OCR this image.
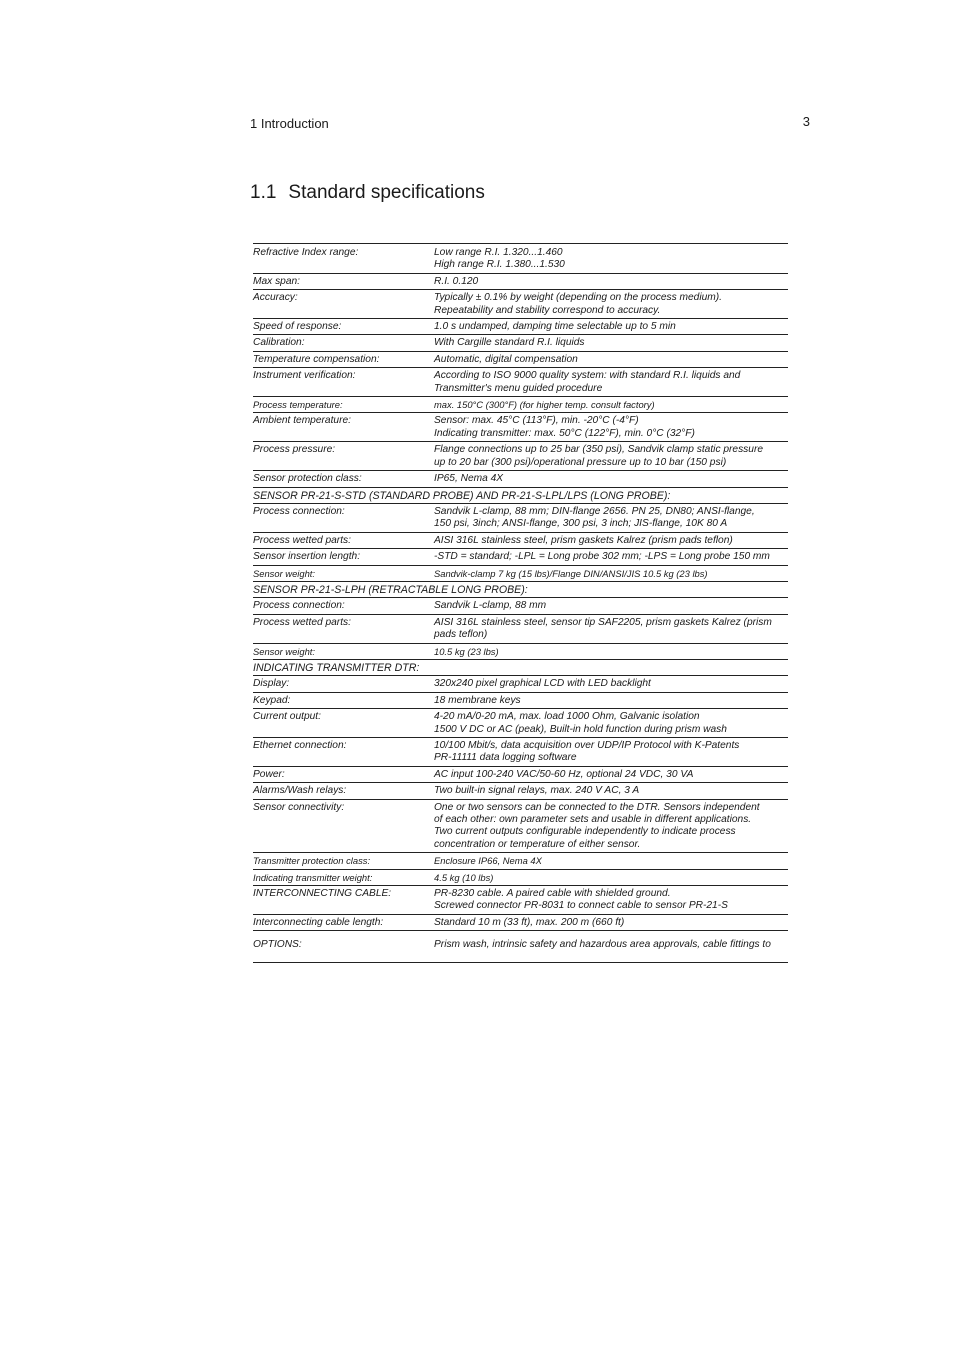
1 Introduction	3
1.1 Standard specifications
Refractive Index range:	Low range R.I. 1.320...1.460
High range R.I. 1.380...1.530

Max span:	R.I. 0.120

Accuracy:	Typically ± 0.1% by weight (depending on the process medium).
Repeatability and stability correspond to accuracy.

Speed of response:	1.0 s undamped, damping time selectable up to 5 min

Calibration:	With Cargille standard R.I. liquids

Temperature compensation:	Automatic, digital compensation

Instrument verification:	According to ISO 9000 quality system: with standard R.I. liquids and
Transmitter's menu guided procedure

Process temperature:	max. 150°C (300°F) (for higher temp. consult factory)

Ambient temperature:	Sensor: max. 45°C (113°F), min. -20°C (-4°F)
Indicating transmitter: max. 50°C (122°F), min. 0°C (32°F)

Process pressure:	Flange connections up to 25 bar (350 psi), Sandvik clamp static pressure
up to 20 bar (300 psi)/operational pressure up to 10 bar (150 psi)

Sensor protection class:	IP65, Nema 4X

SENSOR PR-21-S-STD (STANDARD PROBE) AND PR-21-S-LPL/LPS (LONG PROBE):	
Process connection:	Sandvik L-clamp, 88 mm; DIN-flange 2656. PN 25, DN80; ANSI-flange,
150 psi, 3inch; ANSI-flange, 300 psi, 3 inch; JIS-flange, 10K 80 A

Process wetted parts:	AISI 316L stainless steel, prism gaskets Kalrez (prism pads teflon)

Sensor insertion length:	-STD = standard; -LPL = Long probe 302 mm; -LPS = Long probe 150 mm

Sensor weight:	Sandvik-clamp 7 kg (15 lbs)/Flange DIN/ANSI/JIS 10.5 kg (23 lbs)

SENSOR PR-21-S-LPH (RETRACTABLE LONG PROBE):	
Process connection:	Sandvik L-clamp, 88 mm

Process wetted parts:	AISI 316L stainless steel, sensor tip SAF2205, prism gaskets Kalrez (prism
pads teflon)

Sensor weight:	10.5 kg (23 lbs)

INDICATING TRANSMITTER DTR:	
Display:	320x240 pixel graphical LCD with LED backlight

Keypad:	18 membrane keys

Current output:	4-20 mA/0-20 mA, max. load 1000 Ohm, Galvanic isolation
1500 V DC or AC (peak), Built-in hold function during prism wash

Ethernet connection:	10/100 Mbit/s, data acquisition over UDP/IP Protocol with K-Patents
PR-11111 data logging software

Power:	AC input 100-240 VAC/50-60 Hz, optional 24 VDC, 30 VA

Alarms/Wash relays:	Two built-in signal relays, max. 240 V AC, 3 A

Sensor connectivity:	One or two sensors can be connected to the DTR. Sensors independent
of each other: own parameter sets and usable in different applications.
Two current outputs configurable independently to indicate process
concentration or temperature of either sensor.

Transmitter protection class:	Enclosure IP66, Nema 4X

Indicating transmitter weight:	4.5 kg (10 lbs)

INTERCONNECTING CABLE:	PR-8230 cable. A paired cable with shielded ground.
Screwed connector PR-8031 to connect cable to sensor PR-21-S

Interconnecting cable length:	Standard 10 m (33 ft), max. 200 m (660 ft)

OPTIONS:	Prism wash, intrinsic safety and hazardous area approvals, cable fittings to
